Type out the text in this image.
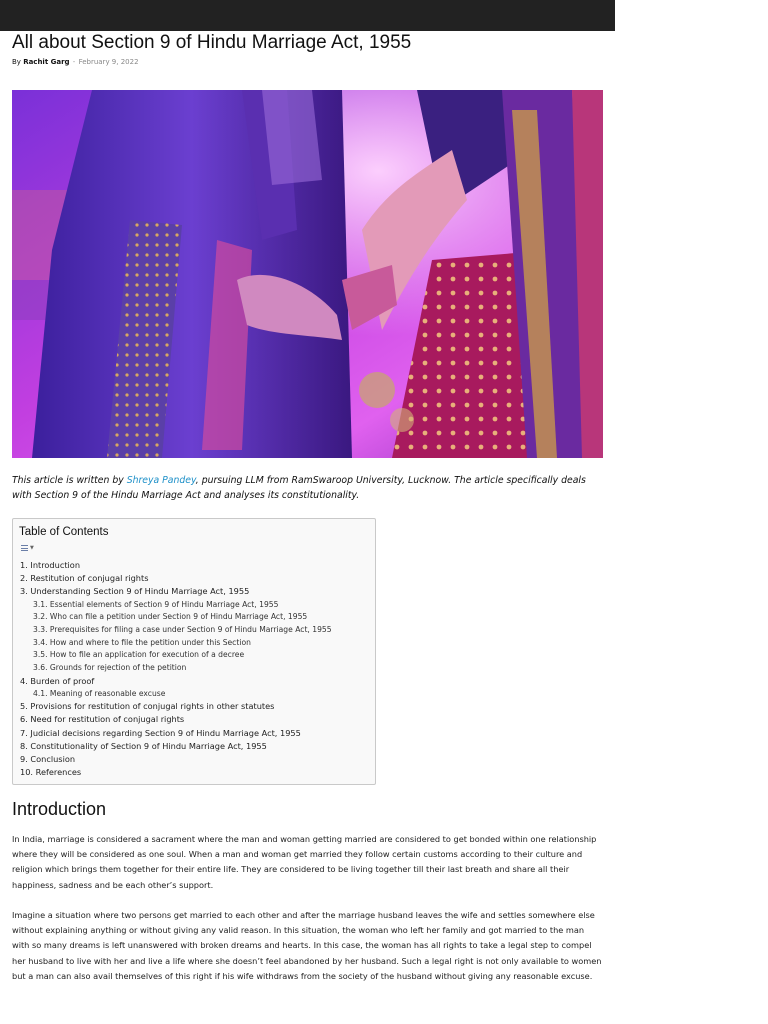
All about Section 9 of Hindu Marriage Act, 1955
By Rachit Garg - February 9, 2022

This article is written by Shreya Pandey, pursuing LLM from RamSwaroop University, Lucknow. The article specifically deals with Section 9 of the Hindu Marriage Act and analyses its constitutionality.

Table of Contents
▼
1. Introduction
2. Restitution of conjugal rights
3. Understanding Section 9 of Hindu Marriage Act, 1955
3.1. Essential elements of Section 9 of Hindu Marriage Act, 1955
3.2. Who can file a petition under Section 9 of Hindu Marriage Act, 1955
3.3. Prerequisites for filing a case under Section 9 of Hindu Marriage Act, 1955
3.4. How and where to file the petition under this Section
3.5. How to file an application for execution of a decree
3.6. Grounds for rejection of the petition
4. Burden of proof
4.1. Meaning of reasonable excuse
5. Provisions for restitution of conjugal rights in other statutes
6. Need for restitution of conjugal rights
7. Judicial decisions regarding Section 9 of Hindu Marriage Act, 1955
8. Constitutionality of Section 9 of Hindu Marriage Act, 1955
9. Conclusion
10. References
Introduction

In India, marriage is considered a sacrament where the man and woman getting married are considered to get bonded within one relationship where they will be considered as one soul. When a man and woman get married they follow certain customs according to their culture and religion which brings them together for their entire life. They are considered to be living together till their last breath and share all their happiness, sadness and be each other’s support.

Imagine a situation where two persons get married to each other and after the marriage husband leaves the wife and settles somewhere else without explaining anything or without giving any valid reason. In this situation, the woman who left her family and got married to the man with so many dreams is left unanswered with broken dreams and hearts. In this case, the woman has all rights to take a legal step to compel her husband to live with her and live a life where she doesn’t feel abandoned by her husband. Such a legal right is not only available to women but a man can also avail themselves of this right if his wife withdraws from the society of the husband without giving any reasonable excuse.
